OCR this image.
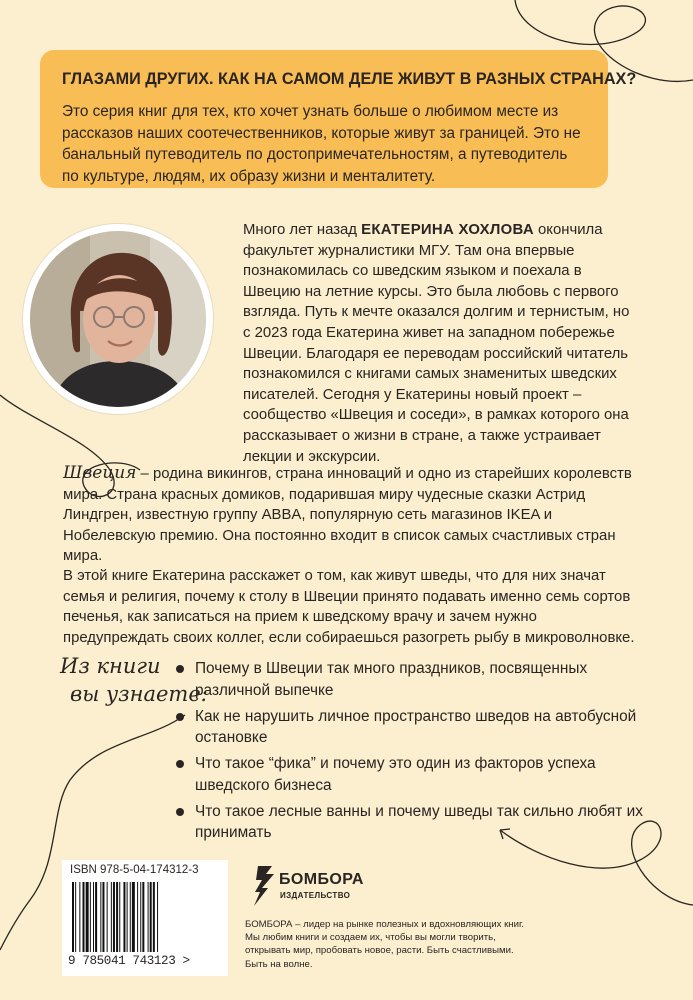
ГЛАЗАМИ ДРУГИХ. КАК НА САМОМ ДЕЛЕ ЖИВУТ В РАЗНЫХ СТРАНАХ?

Это серия книг для тех, кто хочет узнать больше о любимом месте из рассказов наших соотечественников, которые живут за границей. Это не банальный путеводитель по достопримечательностям, а путеводитель по культуре, людям, их образу жизни и менталитету.

Много лет назад ЕКАТЕРИНА ХОХЛОВА окончила факультет журналистики МГУ. Там она впервые познакомилась со шведским языком и поехала в Швецию на летние курсы. Это была любовь с первого взгляда. Путь к мечте оказался долгим и тернистым, но с 2023 года Екатерина живет на западном побережье Швеции. Благодаря ее переводам российский читатель познакомился с книгами самых знаменитых шведских писателей. Сегодня у Екатерины новый проект – сообщество «Швеция и соседи», в рамках которого она рассказывает о жизни в стране, а также устраивает лекции и экскурсии.

Швеция – родина викингов, страна инноваций и одно из старейших королевств мира. Страна красных домиков, подарившая миру чудесные сказки Астрид Линдгрен, известную группу ABBA, популярную сеть магазинов IKEA и Нобелевскую премию. Она постоянно входит в список самых счастливых стран мира.

В этой книге Екатерина расскажет о том, как живут шведы, что для них значат семья и религия, почему к столу в Швеции принято подавать именно семь сортов печенья, как записаться на прием к шведскому врачу и зачем нужно предупреждать своих коллег, если собираешься разогреть рыбу в микроволновке.

Из книги
вы узнаете:
Почему в Швеции так много праздников, посвященных различной выпечке
Как не нарушить личное пространство шведов на автобусной остановке
Что такое “фика” и почему это один из факторов успеха шведского бизнеса
Что такое лесные ванны и почему шведы так сильно любят их принимать
ISBN 978-5-04-174312-3
9 785041 743123 >
БОМБОРА
ИЗДАТЕЛЬСТВО

БОМБОРА – лидер на рынке полезных и вдохновляющих книг. Мы любим книги и создаем их, чтобы вы могли творить, открывать мир, пробовать новое, расти. Быть счастливыми. Быть на волне.
